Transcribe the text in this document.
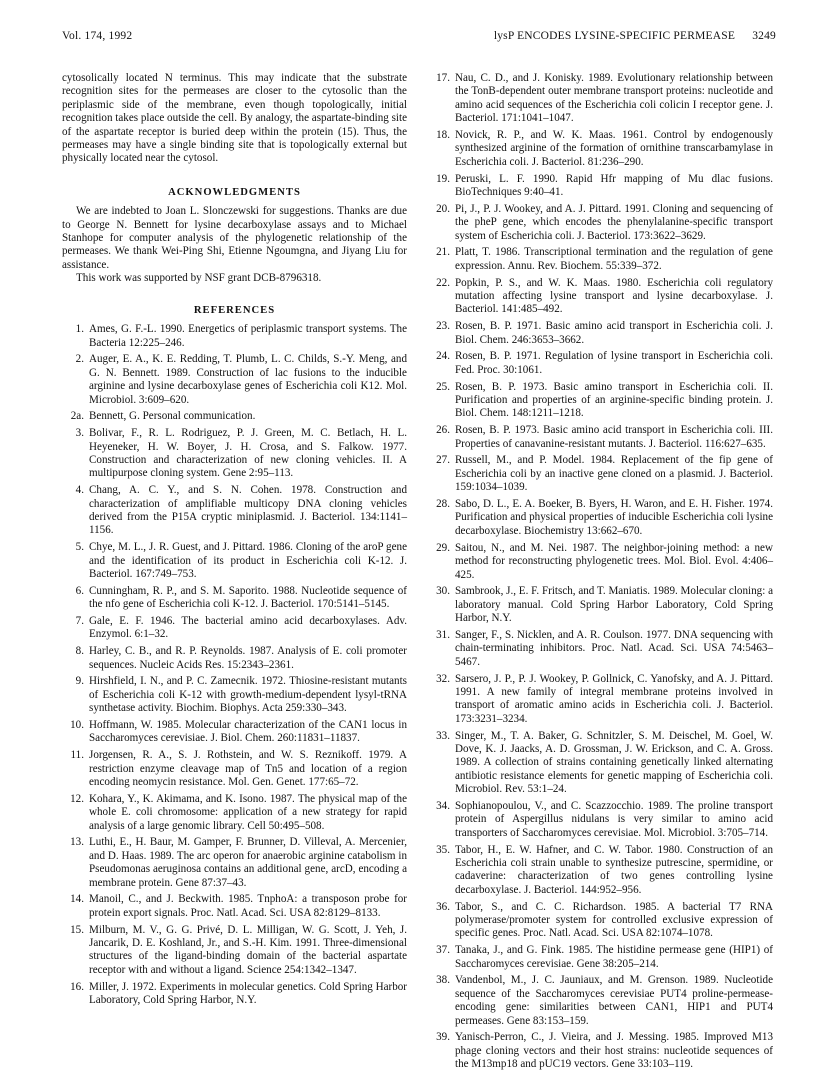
Vol. 174, 1992	lysP ENCODES LYSINE-SPECIFIC PERMEASE 3249

cytosolically located N terminus. This may indicate that the substrate recognition sites for the permeases are closer to the cytosolic than the periplasmic side of the membrane, even though topologically, initial recognition takes place outside the cell. By analogy, the aspartate-binding site of the aspartate receptor is buried deep within the protein (15). Thus, the permeases may have a single binding site that is topologically external but physically located near the cytosol.

ACKNOWLEDGMENTS

We are indebted to Joan L. Slonczewski for suggestions. Thanks are due to George N. Bennett for lysine decarboxylase assays and to Michael Stanhope for computer analysis of the phylogenetic relationship of the permeases. We thank Wei-Ping Shi, Etienne Ngoumgna, and Jiyang Liu for assistance.

This work was supported by NSF grant DCB-8796318.

REFERENCES
1. Ames, G. F.-L. 1990. Energetics of periplasmic transport systems. The Bacteria 12:225–246.
2. Auger, E. A., K. E. Redding, T. Plumb, L. C. Childs, S.-Y. Meng, and G. N. Bennett. 1989. Construction of lac fusions to the inducible arginine and lysine decarboxylase genes of Escherichia coli K12. Mol. Microbiol. 3:609–620.
2a. Bennett, G. Personal communication.
3. Bolivar, F., R. L. Rodriguez, P. J. Green, M. C. Betlach, H. L. Heyeneker, H. W. Boyer, J. H. Crosa, and S. Falkow. 1977. Construction and characterization of new cloning vehicles. II. A multipurpose cloning system. Gene 2:95–113.
4. Chang, A. C. Y., and S. N. Cohen. 1978. Construction and characterization of amplifiable multicopy DNA cloning vehicles derived from the P15A cryptic miniplasmid. J. Bacteriol. 134:1141–1156.
5. Chye, M. L., J. R. Guest, and J. Pittard. 1986. Cloning of the aroP gene and the identification of its product in Escherichia coli K-12. J. Bacteriol. 167:749–753.
6. Cunningham, R. P., and S. M. Saporito. 1988. Nucleotide sequence of the nfo gene of Escherichia coli K-12. J. Bacteriol. 170:5141–5145.
7. Gale, E. F. 1946. The bacterial amino acid decarboxylases. Adv. Enzymol. 6:1–32.
8. Harley, C. B., and R. P. Reynolds. 1987. Analysis of E. coli promoter sequences. Nucleic Acids Res. 15:2343–2361.
9. Hirshfield, I. N., and P. C. Zamecnik. 1972. Thiosine-resistant mutants of Escherichia coli K-12 with growth-medium-dependent lysyl-tRNA synthetase activity. Biochim. Biophys. Acta 259:330–343.
10. Hoffmann, W. 1985. Molecular characterization of the CAN1 locus in Saccharomyces cerevisiae. J. Biol. Chem. 260:11831–11837.
11. Jorgensen, R. A., S. J. Rothstein, and W. S. Reznikoff. 1979. A restriction enzyme cleavage map of Tn5 and location of a region encoding neomycin resistance. Mol. Gen. Genet. 177:65–72.
12. Kohara, Y., K. Akimama, and K. Isono. 1987. The physical map of the whole E. coli chromosome: application of a new strategy for rapid analysis of a large genomic library. Cell 50:495–508.
13. Luthi, E., H. Baur, M. Gamper, F. Brunner, D. Villeval, A. Mercenier, and D. Haas. 1989. The arc operon for anaerobic arginine catabolism in Pseudomonas aeruginosa contains an additional gene, arcD, encoding a membrane protein. Gene 87:37–43.
14. Manoil, C., and J. Beckwith. 1985. TnphoA: a transposon probe for protein export signals. Proc. Natl. Acad. Sci. USA 82:8129–8133.
15. Milburn, M. V., G. G. Privé, D. L. Milligan, W. G. Scott, J. Yeh, J. Jancarik, D. E. Koshland, Jr., and S.-H. Kim. 1991. Three-dimensional structures of the ligand-binding domain of the bacterial aspartate receptor with and without a ligand. Science 254:1342–1347.
16. Miller, J. 1972. Experiments in molecular genetics. Cold Spring Harbor Laboratory, Cold Spring Harbor, N.Y.
17. Nau, C. D., and J. Konisky. 1989. Evolutionary relationship between the TonB-dependent outer membrane transport proteins: nucleotide and amino acid sequences of the Escherichia coli colicin I receptor gene. J. Bacteriol. 171:1041–1047.
18. Novick, R. P., and W. K. Maas. 1961. Control by endogenously synthesized arginine of the formation of ornithine transcarbamylase in Escherichia coli. J. Bacteriol. 81:236–290.
19. Peruski, L. F. 1990. Rapid Hfr mapping of Mu dlac fusions. BioTechniques 9:40–41.
20. Pi, J., P. J. Wookey, and A. J. Pittard. 1991. Cloning and sequencing of the pheP gene, which encodes the phenylalanine-specific transport system of Escherichia coli. J. Bacteriol. 173:3622–3629.
21. Platt, T. 1986. Transcriptional termination and the regulation of gene expression. Annu. Rev. Biochem. 55:339–372.
22. Popkin, P. S., and W. K. Maas. 1980. Escherichia coli regulatory mutation affecting lysine transport and lysine decarboxylase. J. Bacteriol. 141:485–492.
23. Rosen, B. P. 1971. Basic amino acid transport in Escherichia coli. J. Biol. Chem. 246:3653–3662.
24. Rosen, B. P. 1971. Regulation of lysine transport in Escherichia coli. Fed. Proc. 30:1061.
25. Rosen, B. P. 1973. Basic amino transport in Escherichia coli. II. Purification and properties of an arginine-specific binding protein. J. Biol. Chem. 148:1211–1218.
26. Rosen, B. P. 1973. Basic amino acid transport in Escherichia coli. III. Properties of canavanine-resistant mutants. J. Bacteriol. 116:627–635.
27. Russell, M., and P. Model. 1984. Replacement of the fip gene of Escherichia coli by an inactive gene cloned on a plasmid. J. Bacteriol. 159:1034–1039.
28. Sabo, D. L., E. A. Boeker, B. Byers, H. Waron, and E. H. Fisher. 1974. Purification and physical properties of inducible Escherichia coli lysine decarboxylase. Biochemistry 13:662–670.
29. Saitou, N., and M. Nei. 1987. The neighbor-joining method: a new method for reconstructing phylogenetic trees. Mol. Biol. Evol. 4:406–425.
30. Sambrook, J., E. F. Fritsch, and T. Maniatis. 1989. Molecular cloning: a laboratory manual. Cold Spring Harbor Laboratory, Cold Spring Harbor, N.Y.
31. Sanger, F., S. Nicklen, and A. R. Coulson. 1977. DNA sequencing with chain-terminating inhibitors. Proc. Natl. Acad. Sci. USA 74:5463–5467.
32. Sarsero, J. P., P. J. Wookey, P. Gollnick, C. Yanofsky, and A. J. Pittard. 1991. A new family of integral membrane proteins involved in transport of aromatic amino acids in Escherichia coli. J. Bacteriol. 173:3231–3234.
33. Singer, M., T. A. Baker, G. Schnitzler, S. M. Deischel, M. Goel, W. Dove, K. J. Jaacks, A. D. Grossman, J. W. Erickson, and C. A. Gross. 1989. A collection of strains containing genetically linked alternating antibiotic resistance elements for genetic mapping of Escherichia coli. Microbiol. Rev. 53:1–24.
34. Sophianopoulou, V., and C. Scazzocchio. 1989. The proline transport protein of Aspergillus nidulans is very similar to amino acid transporters of Saccharomyces cerevisiae. Mol. Microbiol. 3:705–714.
35. Tabor, H., E. W. Hafner, and C. W. Tabor. 1980. Construction of an Escherichia coli strain unable to synthesize putrescine, spermidine, or cadaverine: characterization of two genes controlling lysine decarboxylase. J. Bacteriol. 144:952–956.
36. Tabor, S., and C. C. Richardson. 1985. A bacterial T7 RNA polymerase/promoter system for controlled exclusive expression of specific genes. Proc. Natl. Acad. Sci. USA 82:1074–1078.
37. Tanaka, J., and G. Fink. 1985. The histidine permease gene (HIP1) of Saccharomyces cerevisiae. Gene 38:205–214.
38. Vandenbol, M., J. C. Jauniaux, and M. Grenson. 1989. Nucleotide sequence of the Saccharomyces cerevisiae PUT4 proline-permease-encoding gene: similarities between CAN1, HIP1 and PUT4 permeases. Gene 83:153–159.
39. Yanisch-Perron, C., J. Vieira, and J. Messing. 1985. Improved M13 phage cloning vectors and their host strains: nucleotide sequences of the M13mp18 and pUC19 vectors. Gene 33:103–119.
